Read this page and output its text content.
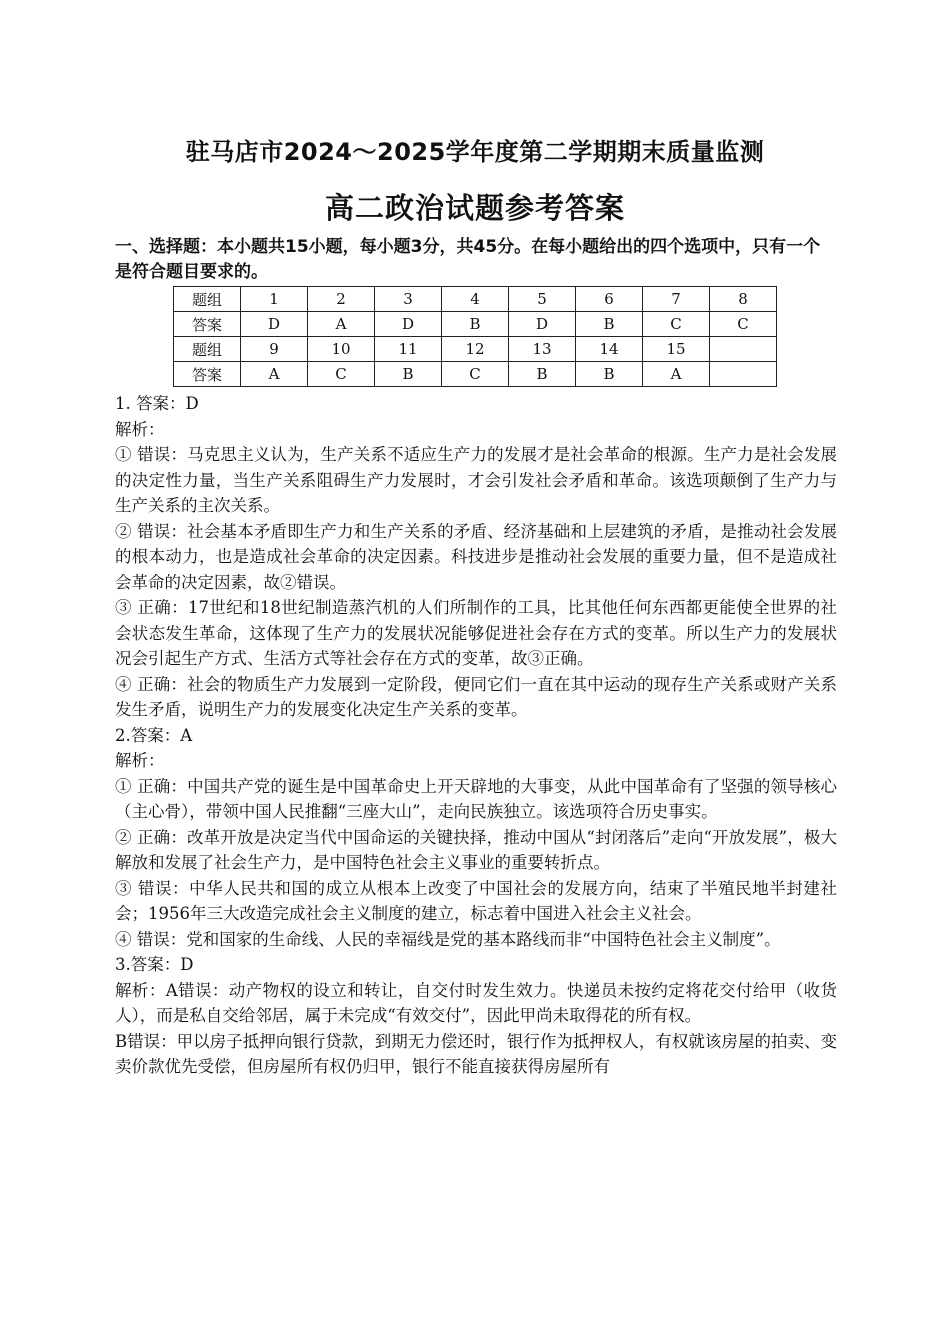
驻马店市2024～2025学年度第二学期期末质量监测
高二政治试题参考答案
一、选择题：本小题共15小题，每小题3分，共45分。在每小题给出的四个选项中，只有一个是符合题目要求的。
题组	1	2	3	4	5	6	7	8
答案	D	A	D	B	D	B	C	C
题组	9	10	11	12	13	14	15	
答案	A	C	B	C	B	B	A	

1. 答案：D

解析：

① 错误：马克思主义认为，生产关系不适应生产力的发展才是社会革命的根源。生产力是社会发展的决定性力量，当生产关系阻碍生产力发展时，才会引发社会矛盾和革命。该选项颠倒了生产力与生产关系的主次关系。

② 错误：社会基本矛盾即生产力和生产关系的矛盾、经济基础和上层建筑的矛盾，是推动社会发展的根本动力，也是造成社会革命的决定因素。科技进步是推动社会发展的重要力量，但不是造成社会革命的决定因素，故②错误。

③ 正确：17世纪和18世纪制造蒸汽机的人们所制作的工具，比其他任何东西都更能使全世界的社会状态发生革命，这体现了生产力的发展状况能够促进社会存在方式的变革。所以生产力的发展状况会引起生产方式、生活方式等社会存在方式的变革，故③正确。

④ 正确：社会的物质生产力发展到一定阶段，便同它们一直在其中运动的现存生产关系或财产关系发生矛盾，说明生产力的发展变化决定生产关系的变革。

2.答案：A

解析：

① 正确：中国共产党的诞生是中国革命史上开天辟地的大事变，从此中国革命有了坚强的领导核心（主心骨），带领中国人民推翻“三座大山”，走向民族独立。该选项符合历史事实。

② 正确：改革开放是决定当代中国命运的关键抉择，推动中国从“封闭落后”走向“开放发展”，极大解放和发展了社会生产力，是中国特色社会主义事业的重要转折点。

③ 错误：中华人民共和国的成立从根本上改变了中国社会的发展方向，结束了半殖民地半封建社会；1956年三大改造完成社会主义制度的建立，标志着中国进入社会主义社会。

④ 错误：党和国家的生命线、人民的幸福线是党的基本路线而非“中国特色社会主义制度”。

3.答案：D

解析：A错误：动产物权的设立和转让，自交付时发生效力。快递员未按约定将花交付给甲（收货人），而是私自交给邻居，属于未完成“有效交付”，因此甲尚未取得花的所有权。

B错误：甲以房子抵押向银行贷款，到期无力偿还时，银行作为抵押权人，有权就该房屋的拍卖、变卖价款优先受偿，但房屋所有权仍归甲，银行不能直接获得房屋所有
